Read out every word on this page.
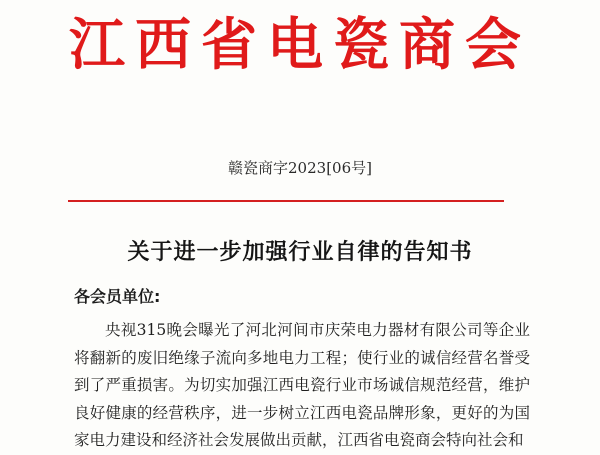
江西省电瓷商会
赣瓷商字2023[06号]
关于进一步加强行业自律的告知书
各会员单位:

央视315晚会曝光了河北河间市庆荣电力器材有限公司等企业将翻新的废旧绝缘子流向多地电力工程；使行业的诚信经营名誉受到了严重损害。为切实加强江西电瓷行业市场诚信规范经营，维护良好健康的经营秩序，进一步树立江西电瓷品牌形象，更好的为国家电力建设和经济社会发展做出贡献，江西省电瓷商会特向社会和
